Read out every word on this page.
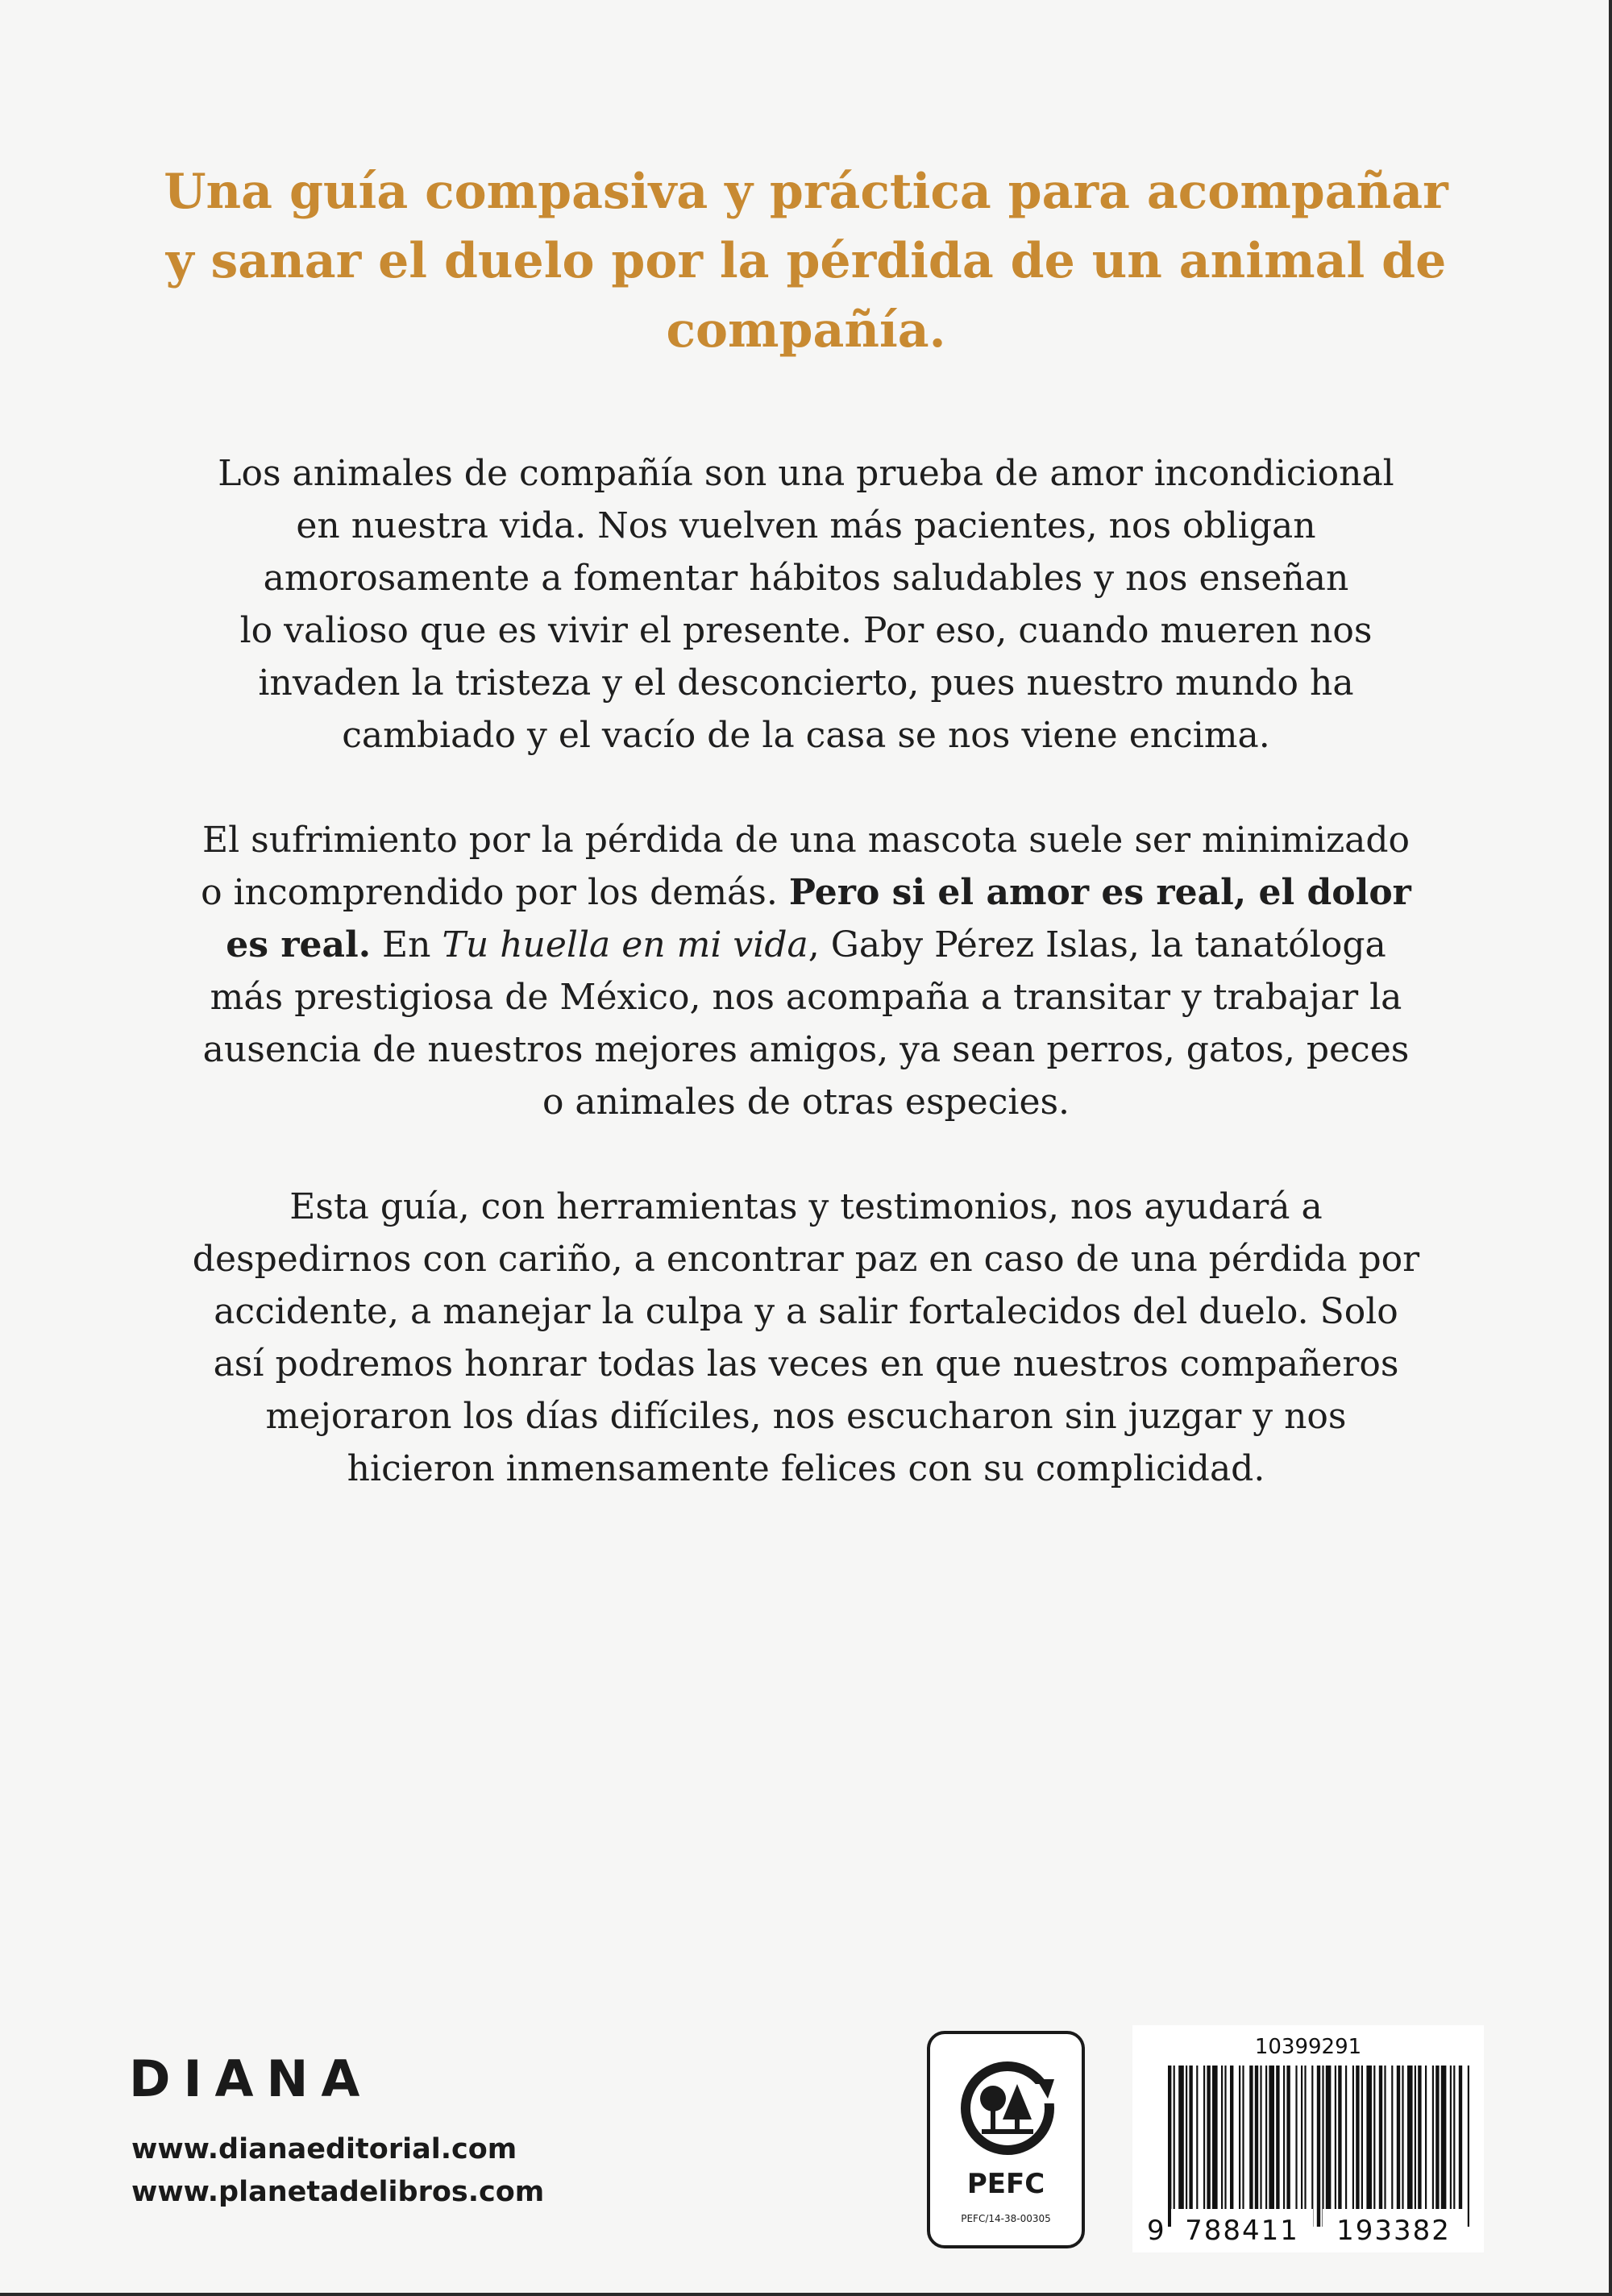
Una guía compasiva y práctica para acompañar y sanar el duelo por la pérdida de un animal de compañía.

Los animales de compañía son una prueba de amor incondicional
en nuestra vida. Nos vuelven más pacientes, nos obligan
amorosamente a fomentar hábitos saludables y nos enseñan
lo valioso que es vivir el presente. Por eso, cuando mueren nos
invaden la tristeza y el desconcierto, pues nuestro mundo ha
cambiado y el vacío de la casa se nos viene encima.

El sufrimiento por la pérdida de una mascota suele ser minimizado
o incomprendido por los demás. Pero si el amor es real, el dolor
es real. En Tu huella en mi vida, Gaby Pérez Islas, la tanatóloga
más prestigiosa de México, nos acompaña a transitar y trabajar la
ausencia de nuestros mejores amigos, ya sean perros, gatos, peces
o animales de otras especies.

Esta guía, con herramientas y testimonios, nos ayudará a
despedirnos con cariño, a encontrar paz en caso de una pérdida por
accidente, a manejar la culpa y a salir fortalecidos del duelo. Solo
así podremos honrar todas las veces en que nuestros compañeros
mejoraron los días difíciles, nos escucharon sin juzgar y nos
hicieron inmensamente felices con su complicidad.

DIANA
www.dianaeditorial.com
www.planetadelibros.com	PEFC
PEFC/14-38-00305
10399291
9 788411 193382
